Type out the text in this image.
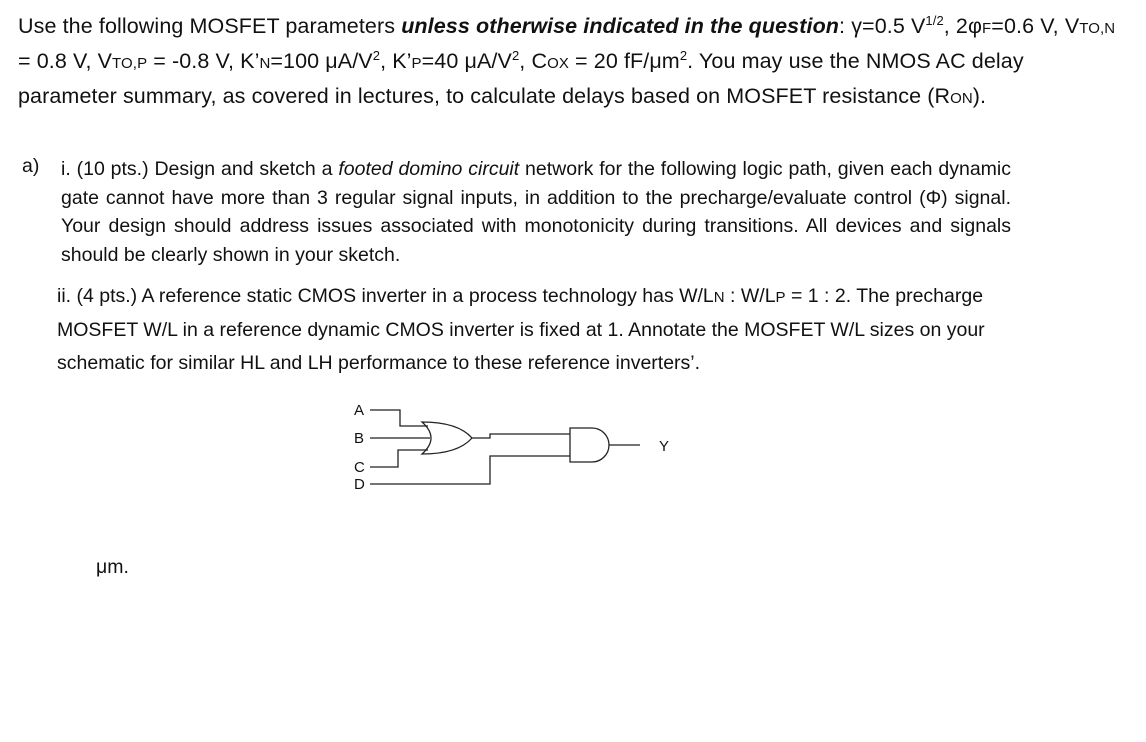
Use the following MOSFET parameters unless otherwise indicated in the question: γ=0.5 $V^{1/2}$, 2φF=0.6 V, VTO,N = 0.8 V, VTO,P = -0.8 V, K’N=100 $\mu A/V^2$, K’P=40 $\mu A/V^2$, COX = 20 $fF/\mu m^2$. You may use the NMOS AC delay parameter summary, as covered in lectures, to calculate delays based on MOSFET resistance (RON).
a) i. (10 pts.) Design and sketch a footed domino circuit network for the following logic path, given each dynamic gate cannot have more than 3 regular signal inputs, in addition to the precharge/evaluate control (Φ) signal. Your design should address issues associated with monotonicity during transitions. All devices and signals should be clearly shown in your sketch.
ii. (4 pts.) A reference static CMOS inverter in a process technology has W/LN : W/LP = 1 : 2. The precharge MOSFET W/L in a reference dynamic CMOS inverter is fixed at 1. Annotate the MOSFET W/L sizes on your schematic for similar HL and LH performance to these reference inverters’.
A
B
C
D
Y
μm.
